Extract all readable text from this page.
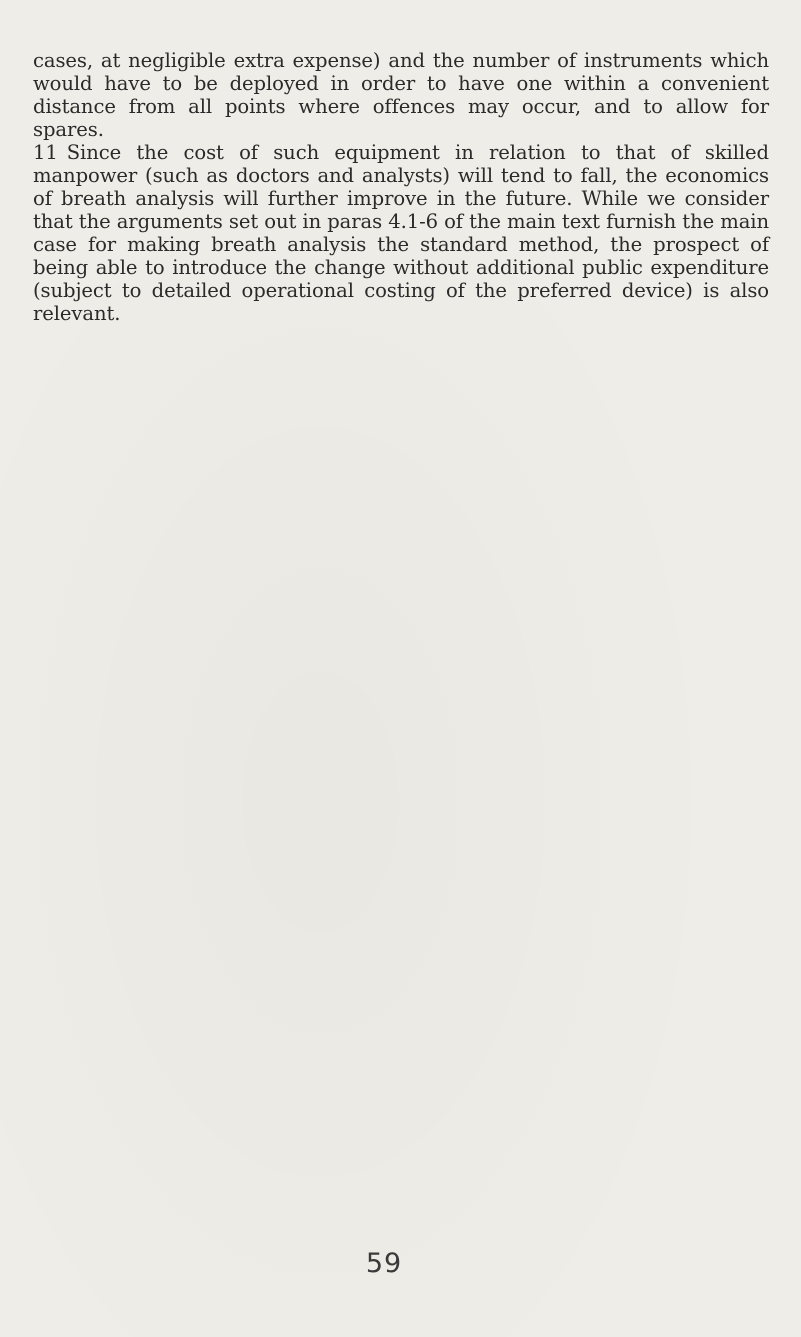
cases, at negligible extra expense) and the number of instruments which would have to be deployed in order to have one within a convenient distance from all points where offences may occur, and to allow for spares.

11 Since the cost of such equipment in relation to that of skilled manpower (such as doctors and analysts) will tend to fall, the economics of breath analysis will further improve in the future. While we consider that the arguments set out in paras 4.1-6 of the main text furnish the main case for making breath analysis the standard method, the prospect of being able to introduce the change without additional public expenditure (subject to detailed operational costing of the preferred device) is also relevant.

59
